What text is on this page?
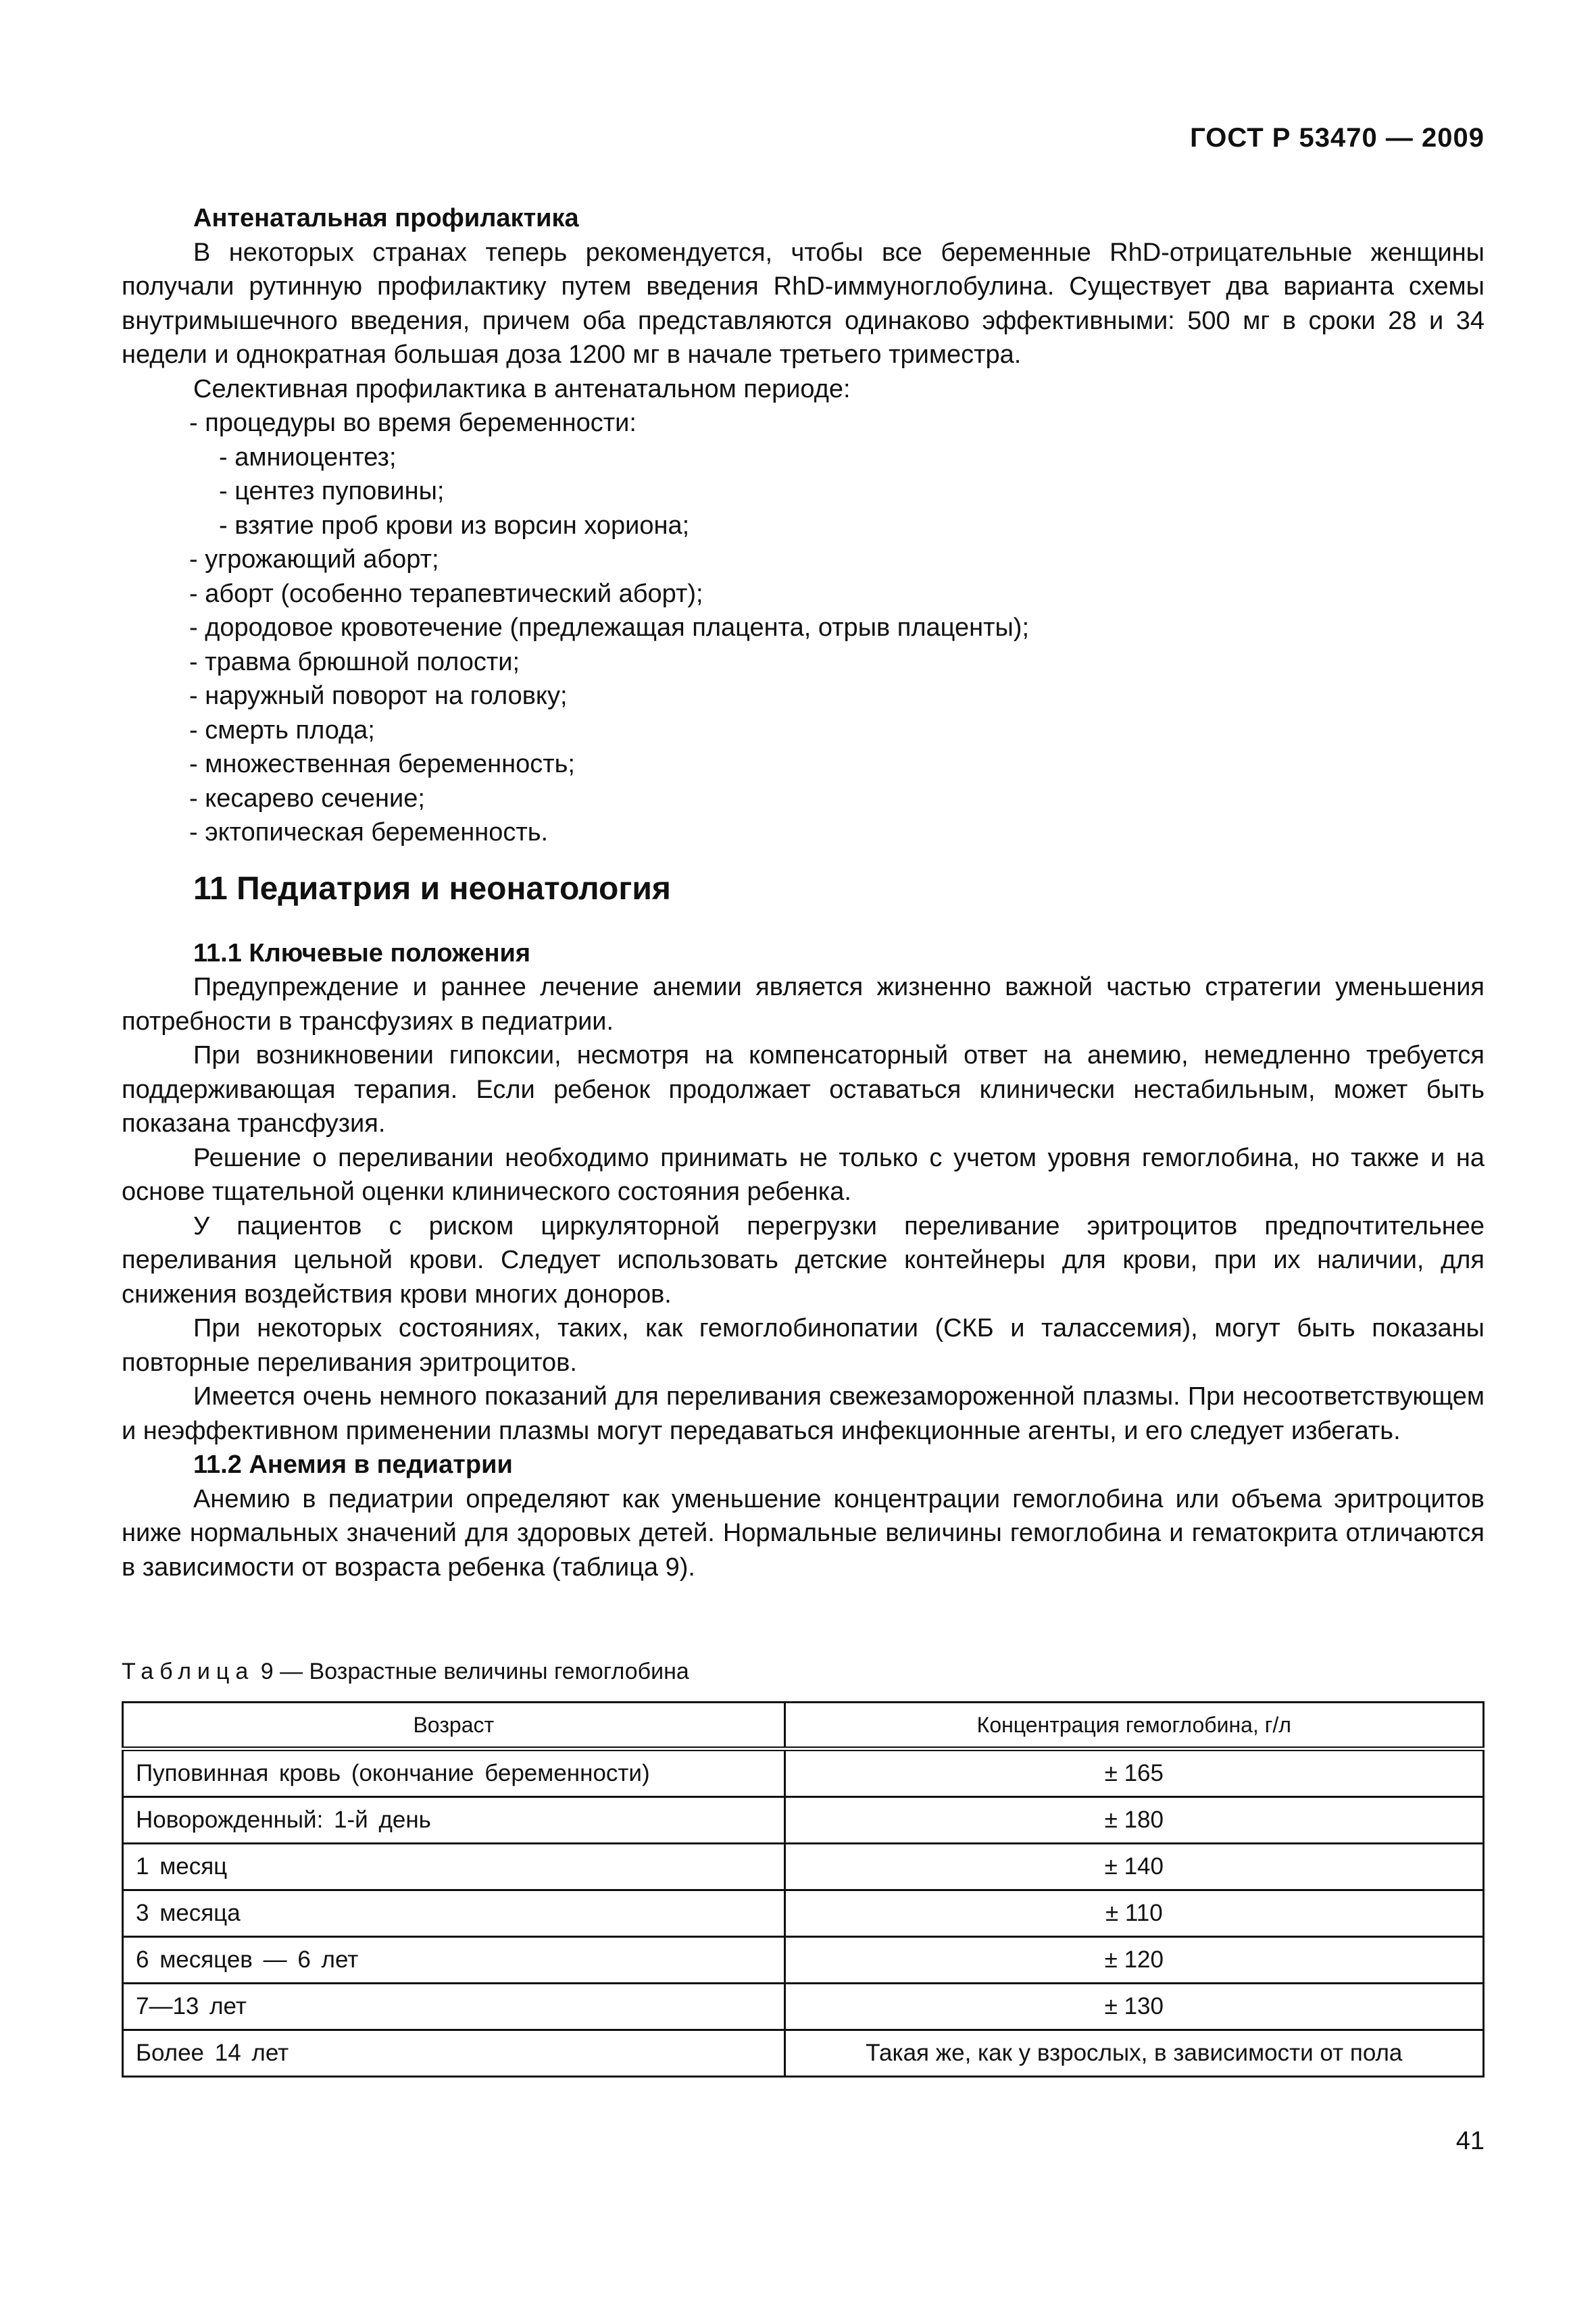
ГОСТ Р 53470 — 2009

Антенатальная профилактика

В некоторых странах теперь рекомендуется, чтобы все беременные RhD-отрицательные женщины получали рутинную профилактику путем введения RhD-иммуноглобулина. Существует два варианта схемы внутримышечного введения, причем оба представляются одинаково эффективными: 500 мг в сроки 28 и 34 недели и однократная большая доза 1200 мг в начале третьего триместра.

Селективная профилактика в антенатальном периоде:

- процедуры во время беременности:

- амниоцентез;

- центез пуповины;

- взятие проб крови из ворсин хориона;

- угрожающий аборт;

- аборт (особенно терапевтический аборт);

- дородовое кровотечение (предлежащая плацента, отрыв плаценты);

- травма брюшной полости;

- наружный поворот на головку;

- смерть плода;

- множественная беременность;

- кесарево сечение;

- эктопическая беременность.

11 Педиатрия и неонатология

11.1 Ключевые положения

Предупреждение и раннее лечение анемии является жизненно важной частью стратегии уменьшения потребности в трансфузиях в педиатрии.

При возникновении гипоксии, несмотря на компенсаторный ответ на анемию, немедленно требуется поддерживающая терапия. Если ребенок продолжает оставаться клинически нестабильным, может быть показана трансфузия.

Решение о переливании необходимо принимать не только с учетом уровня гемоглобина, но также и на основе тщательной оценки клинического состояния ребенка.

У пациентов с риском циркуляторной перегрузки переливание эритроцитов предпочтительнее переливания цельной крови. Следует использовать детские контейнеры для крови, при их наличии, для снижения воздействия крови многих доноров.

При некоторых состояниях, таких, как гемоглобинопатии (СКБ и талассемия), могут быть показаны повторные переливания эритроцитов.

Имеется очень немного показаний для переливания свежезамороженной плазмы. При несоответствующем и неэффективном применении плазмы могут передаваться инфекционные агенты, и его следует избегать.

11.2 Анемия в педиатрии

Анемию в педиатрии определяют как уменьшение концентрации гемоглобина или объема эритроцитов ниже нормальных значений для здоровых детей. Нормальные величины гемоглобина и гематокрита отличаются в зависимости от возраста ребенка (таблица 9).

Таблица 9 — Возрастные величины гемоглобина
Возраст	Концентрация гемоглобина, г/л
Пуповинная кровь (окончание беременности)	± 165
Новорожденный: 1-й день	± 180
1 месяц	± 140
3 месяца	± 110
6 месяцев — 6 лет	± 120
7—13 лет	± 130
Более 14 лет	Такая же, как у взрослых, в зависимости от пола
41
